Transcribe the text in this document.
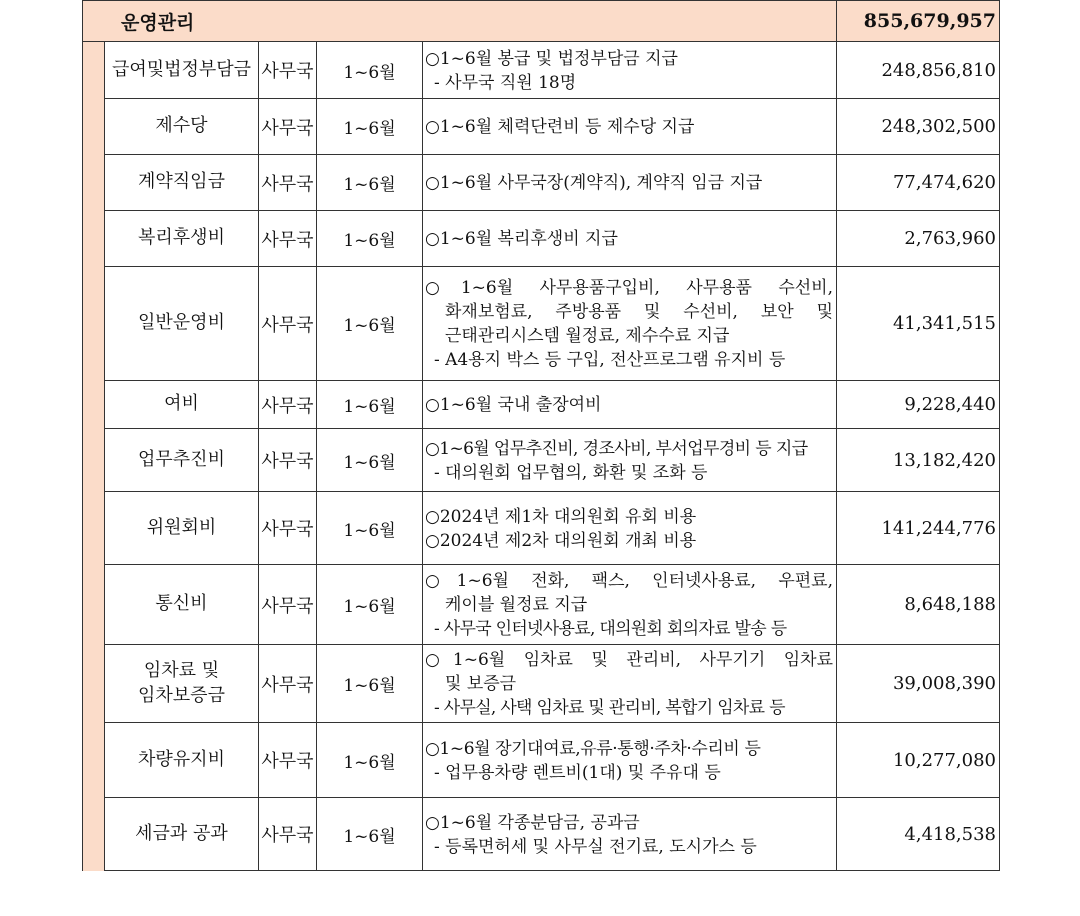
운영관리					855,679,957
	급여및법정부담금	사무국	1~6월	○1~6월 봉급 및 법정부담금 지급
- 사무국 직원 18명	248,856,810
	제수당	사무국	1~6월	○1~6월 체력단련비 등 제수당 지급	248,302,500
	계약직임금	사무국	1~6월	○1~6월 사무국장(계약직), 계약직 임금 지급	77,474,620
	복리후생비	사무국	1~6월	○1~6월 복리후생비 지급	2,763,960
	일반운영비	사무국	1~6월	○1~6월 사무용품구입비, 사무용품 수선비,
화재보험료, 주방용품 및 수선비, 보안 및
근태관리시스템 월정료, 제수수료 지급
- A4용지 박스 등 구입, 전산프로그램 유지비 등	41,341,515
	여비	사무국	1~6월	○1~6월 국내 출장여비	9,228,440
	업무추진비	사무국	1~6월	○1~6월 업무추진비, 경조사비, 부서업무경비 등 지급
- 대의원회 업무협의, 화환 및 조화 등	13,182,420
	위원회비	사무국	1~6월	○2024년 제1차 대의원회 유회 비용
○2024년 제2차 대의원회 개최 비용	141,244,776
	통신비	사무국	1~6월	○1~6월 전화, 팩스, 인터넷사용료, 우편료,
케이블 월정료 지급
- 사무국 인터넷사용료, 대의원회 회의자료 발송 등	8,648,188

	임차료 및
임차보증금	사무국	1~6월	○1~6월 임차료 및 관리비, 사무기기 임차료
및 보증금
- 사무실, 사택 임차료 및 관리비, 복합기 임차료 등	39,008,390
	차량유지비	사무국	1~6월	○1~6월 장기대여료,유류·통행·주차·수리비 등
- 업무용차량 렌트비(1대) 및 주유대 등	10,277,080
	세금과 공과	사무국	1~6월	○1~6월 각종분담금, 공과금
- 등록면허세 및 사무실 전기료, 도시가스 등	4,418,538
